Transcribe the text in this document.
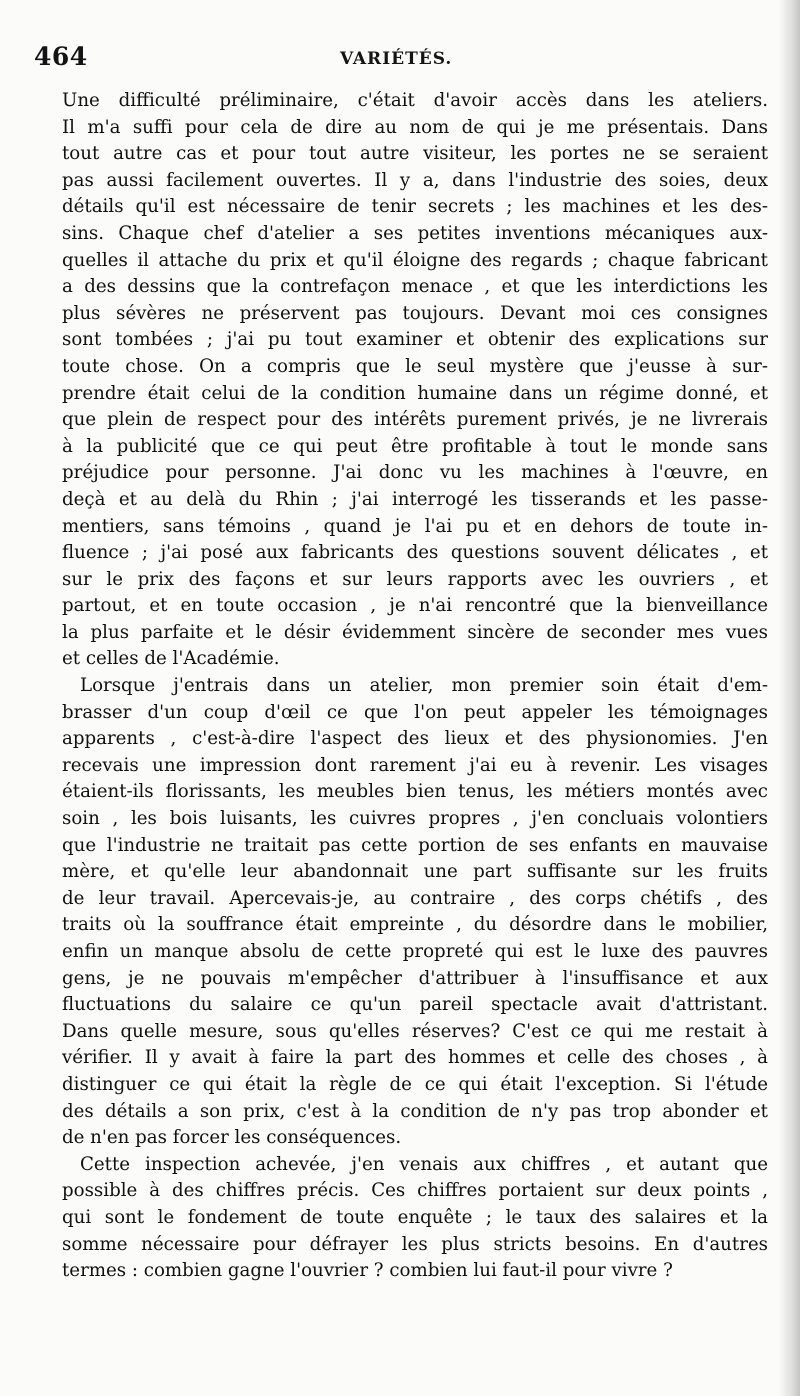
464	VARIÉTÉS.
Une difficulté préliminaire, c'était d'avoir accès dans les ateliers.
Il m'a suffi pour cela de dire au nom de qui je me présentais. Dans
tout autre cas et pour tout autre visiteur, les portes ne se seraient
pas aussi facilement ouvertes. Il y a, dans l'industrie des soies, deux
détails qu'il est nécessaire de tenir secrets ; les machines et les des-
sins. Chaque chef d'atelier a ses petites inventions mécaniques aux-
quelles il attache du prix et qu'il éloigne des regards ; chaque fabricant
a des dessins que la contrefaçon menace , et que les interdictions les
plus sévères ne préservent pas toujours. Devant moi ces consignes
sont tombées ; j'ai pu tout examiner et obtenir des explications sur
toute chose. On a compris que le seul mystère que j'eusse à sur-
prendre était celui de la condition humaine dans un régime donné, et
que plein de respect pour des intérêts purement privés, je ne livrerais
à la publicité que ce qui peut être profitable à tout le monde sans
préjudice pour personne. J'ai donc vu les machines à l'œuvre, en
deçà et au delà du Rhin ; j'ai interrogé les tisserands et les passe-
mentiers, sans témoins , quand je l'ai pu et en dehors de toute in-
fluence ; j'ai posé aux fabricants des questions souvent délicates , et
sur le prix des façons et sur leurs rapports avec les ouvriers , et
partout, et en toute occasion , je n'ai rencontré que la bienveillance
la plus parfaite et le désir évidemment sincère de seconder mes vues
et celles de l'Académie.
Lorsque j'entrais dans un atelier, mon premier soin était d'em-
brasser d'un coup d'œil ce que l'on peut appeler les témoignages
apparents , c'est-à-dire l'aspect des lieux et des physionomies. J'en
recevais une impression dont rarement j'ai eu à revenir. Les visages
étaient-ils florissants, les meubles bien tenus, les métiers montés avec
soin , les bois luisants, les cuivres propres , j'en concluais volontiers
que l'industrie ne traitait pas cette portion de ses enfants en mauvaise
mère, et qu'elle leur abandonnait une part suffisante sur les fruits
de leur travail. Apercevais-je, au contraire , des corps chétifs , des
traits où la souffrance était empreinte , du désordre dans le mobilier,
enfin un manque absolu de cette propreté qui est le luxe des pauvres
gens, je ne pouvais m'empêcher d'attribuer à l'insuffisance et aux
fluctuations du salaire ce qu'un pareil spectacle avait d'attristant.
Dans quelle mesure, sous qu'elles réserves? C'est ce qui me restait à
vérifier. Il y avait à faire la part des hommes et celle des choses , à
distinguer ce qui était la règle de ce qui était l'exception. Si l'étude
des détails a son prix, c'est à la condition de n'y pas trop abonder et
de n'en pas forcer les conséquences.
Cette inspection achevée, j'en venais aux chiffres , et autant que
possible à des chiffres précis. Ces chiffres portaient sur deux points ,
qui sont le fondement de toute enquête ; le taux des salaires et la
somme nécessaire pour défrayer les plus stricts besoins. En d'autres
termes : combien gagne l'ouvrier ? combien lui faut-il pour vivre ?
